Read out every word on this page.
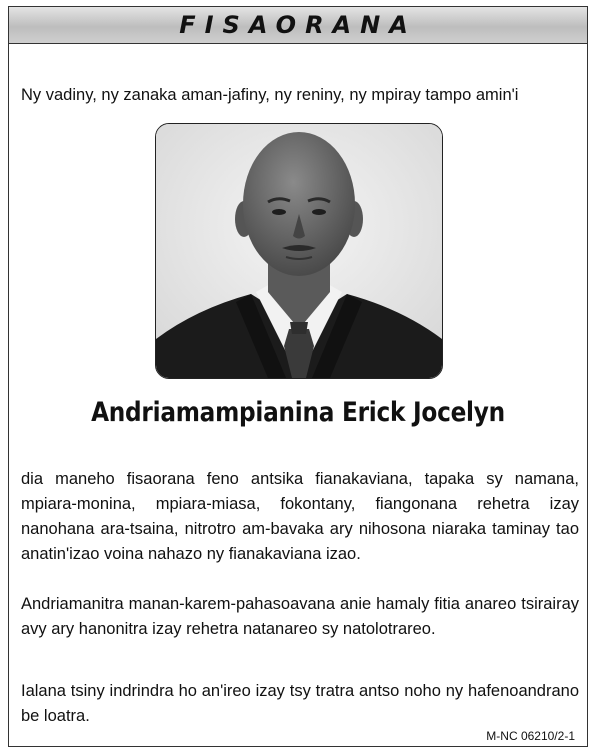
FISAORANA
Ny vadiny, ny zanaka aman-jafiny, ny reniny, ny mpiray tampo amin'i
Andriamampianina Erick Jocelyn
dia maneho fisaorana feno antsika fianakaviana, tapaka sy namana, mpiara-monina, mpiara-miasa, fokontany, fiangonana rehetra izay nanohana ara-tsaina, nitrotro am-bavaka ary nihosona niaraka taminay tao anatin'izao voina nahazo ny fianakaviana izao.
Andriamanitra manan-karem-pahasoavana anie hamaly fitia anareo tsirairay avy ary hanonitra izay rehetra natanareo sy natolotrareo.
Ialana tsiny indrindra ho an'ireo izay tsy tratra antso noho ny hafenoandrano be loatra.
M-NC 06210/2-1
